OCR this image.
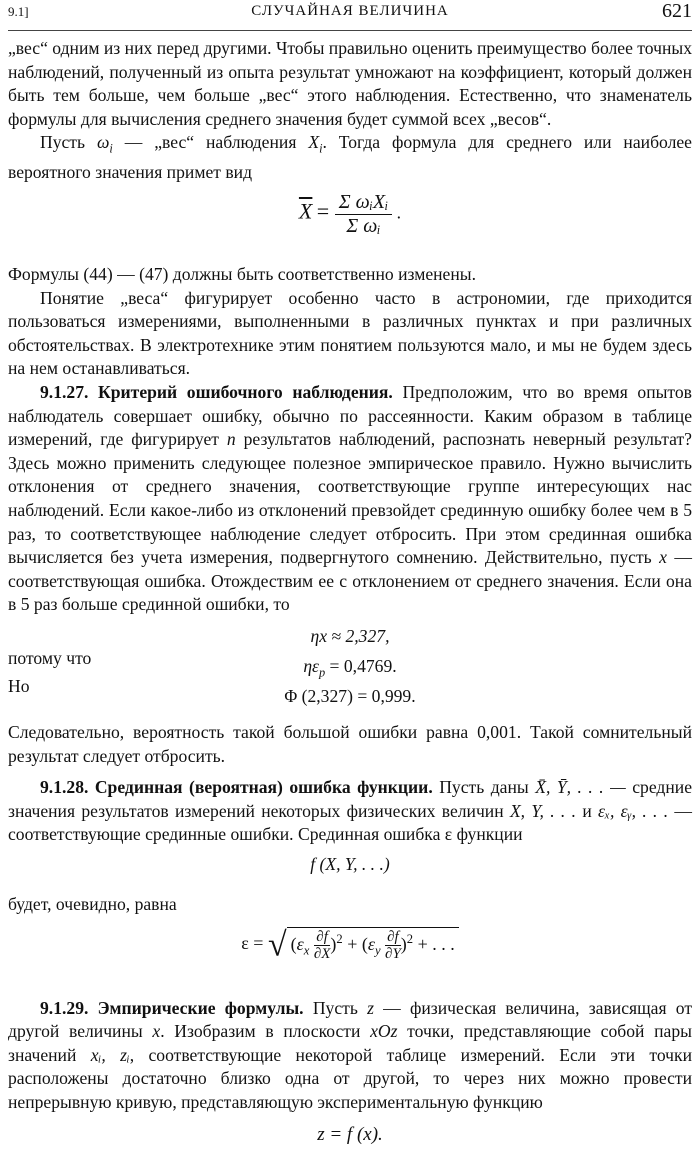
9.1]	СЛУЧАЙНАЯ ВЕЛИЧИНА	621

„вес“ одним из них перед другими. Чтобы правильно оценить преимущество более точных наблюдений, полученный из опыта результат умножают на коэффициент, который должен быть тем больше, чем больше „вес“ этого наблюдения. Естественно, что знаменатель формулы для вычисления среднего значения будет суммой всех „весов“.

Пусть $\omega_i$ — „вес“ наблюдения $X_i$. Тогда формула для среднего или наиболее вероятного значения примет вид

$\overline{X} = \frac{\text{Σ ωᵢXᵢ}}{\text{Σ ωᵢ}}$ .

Формулы (44) — (47) должны быть соответственно изменены.

Понятие „веса“ фигурирует особенно часто в астрономии, где приходится пользоваться измерениями, выполненными в различных пунктах и при различных обстоятельствах. В электротехнике этим понятием пользуются мало, и мы не будем здесь на нем останавливаться.

9.1.27. Критерий ошибочного наблюдения. Предположим, что во время опытов наблюдатель совершает ошибку, обычно по рассеянности. Каким образом в таблице измерений, где фигурирует n результатов наблюдений, распознать неверный результат? Здесь можно применить следующее полезное эмпирическое правило. Нужно вычислить отклонения от среднего значения, соответствующие группе интересующих нас наблюдений. Если какое-либо из отклонений превзойдет срединную ошибку более чем в 5 раз, то соответствующее наблюдение следует отбросить. При этом срединная ошибка вычисляется без учета измерения, подвергнутого сомнению. Действительно, пусть x — соответствующая ошибка. Отождествим ее с отклонением от среднего значения. Если она в 5 раз больше срединной ошибки, то

ηx ≈ 2,327,
потому что	$\eta\varepsilon_p = 0,4769$.
Но	Φ (2,327) = 0,999.

Следовательно, вероятность такой большой ошибки равна 0,001. Такой сомнительный результат следует отбросить.

9.1.28. Срединная (вероятная) ошибка функции. Пусть даны X̄, Ȳ, . . . — средние значения результатов измерений некоторых физических величин X, Y, . . . и εₓ, εᵧ, . . . — соответствующие срединные ошибки. Срединная ошибка ε функции

f (X, Y, . . .)

будет, очевидно, равна

$\varepsilon = √(\varepsilon_x \frac{\partial f}{\partial X} )^2 + (\varepsilon_y \frac{\partial f}{\partial Y} )^2$ + . . .

9.1.29. Эмпирические формулы. Пусть z — физическая величина, зависящая от другой величины x. Изобразим в плоскости xOz точки, представляющие собой пары значений xᵢ, zᵢ, соответствующие некоторой таблице измерений. Если эти точки расположены достаточно близко одна от другой, то через них можно провести непрерывную кривую, представляющую экспериментальную функцию

z = f (x).
